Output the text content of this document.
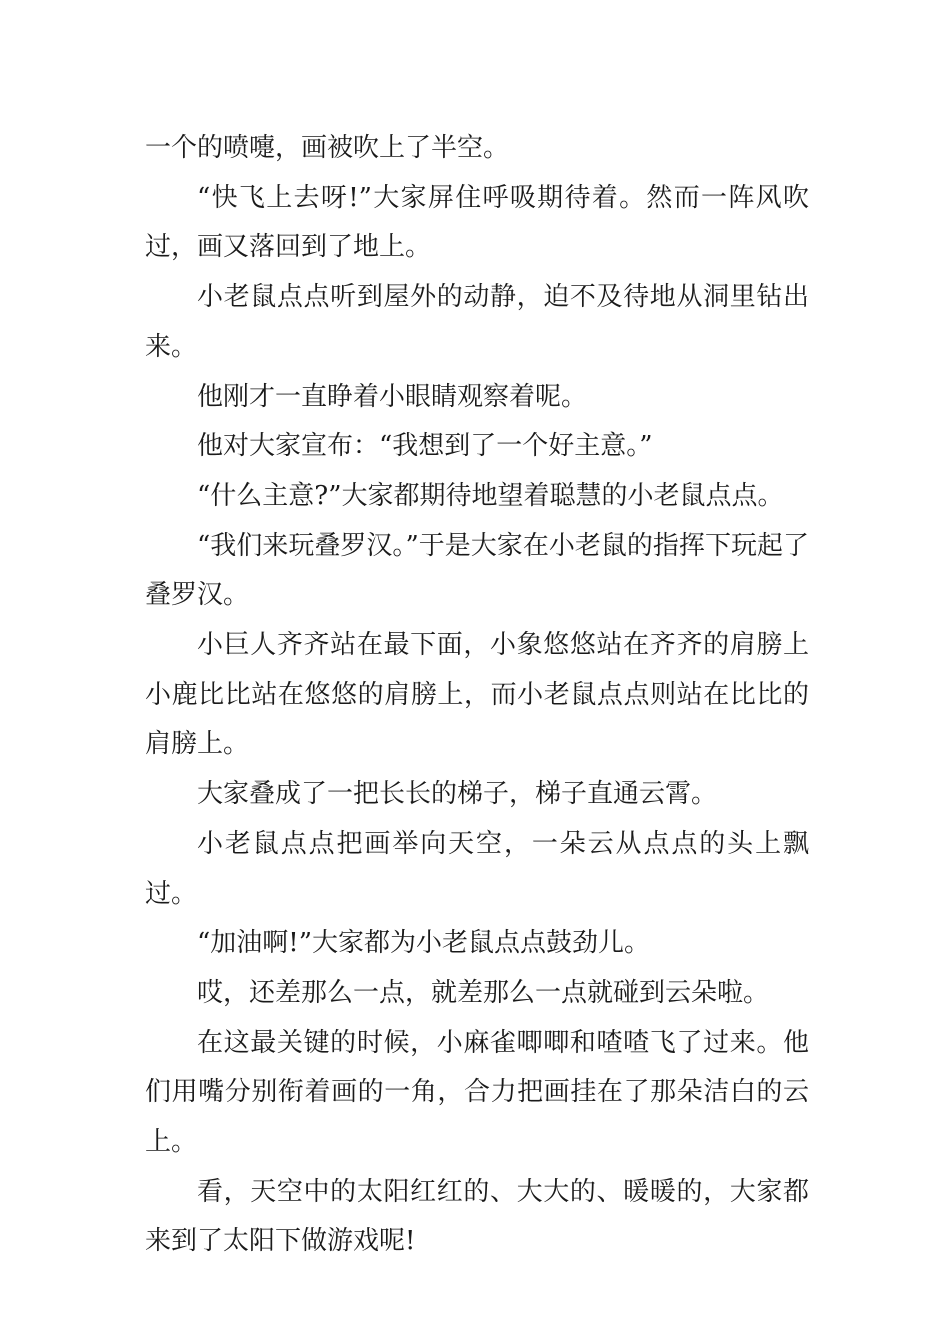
一个的喷嚏，画被吹上了半空。

“快飞上去呀!”大家屏住呼吸期待着。然而一阵风吹过，画又落回到了地上。

小老鼠点点听到屋外的动静，迫不及待地从洞里钻出来。

他刚才一直睁着小眼睛观察着呢。

他对大家宣布：“我想到了一个好主意。”

“什么主意?”大家都期待地望着聪慧的小老鼠点点。

“我们来玩叠罗汉。”于是大家在小老鼠的指挥下玩起了叠罗汉。

小巨人齐齐站在最下面，小象悠悠站在齐齐的肩膀上小鹿比比站在悠悠的肩膀上，而小老鼠点点则站在比比的肩膀上。

大家叠成了一把长长的梯子，梯子直通云霄。

小老鼠点点把画举向天空，一朵云从点点的头上飘过。

“加油啊!”大家都为小老鼠点点鼓劲儿。

哎，还差那么一点，就差那么一点就碰到云朵啦。

在这最关键的时候，小麻雀唧唧和喳喳飞了过来。他们用嘴分别衔着画的一角，合力把画挂在了那朵洁白的云上。

看，天空中的太阳红红的、大大的、暖暖的，大家都来到了太阳下做游戏呢!
